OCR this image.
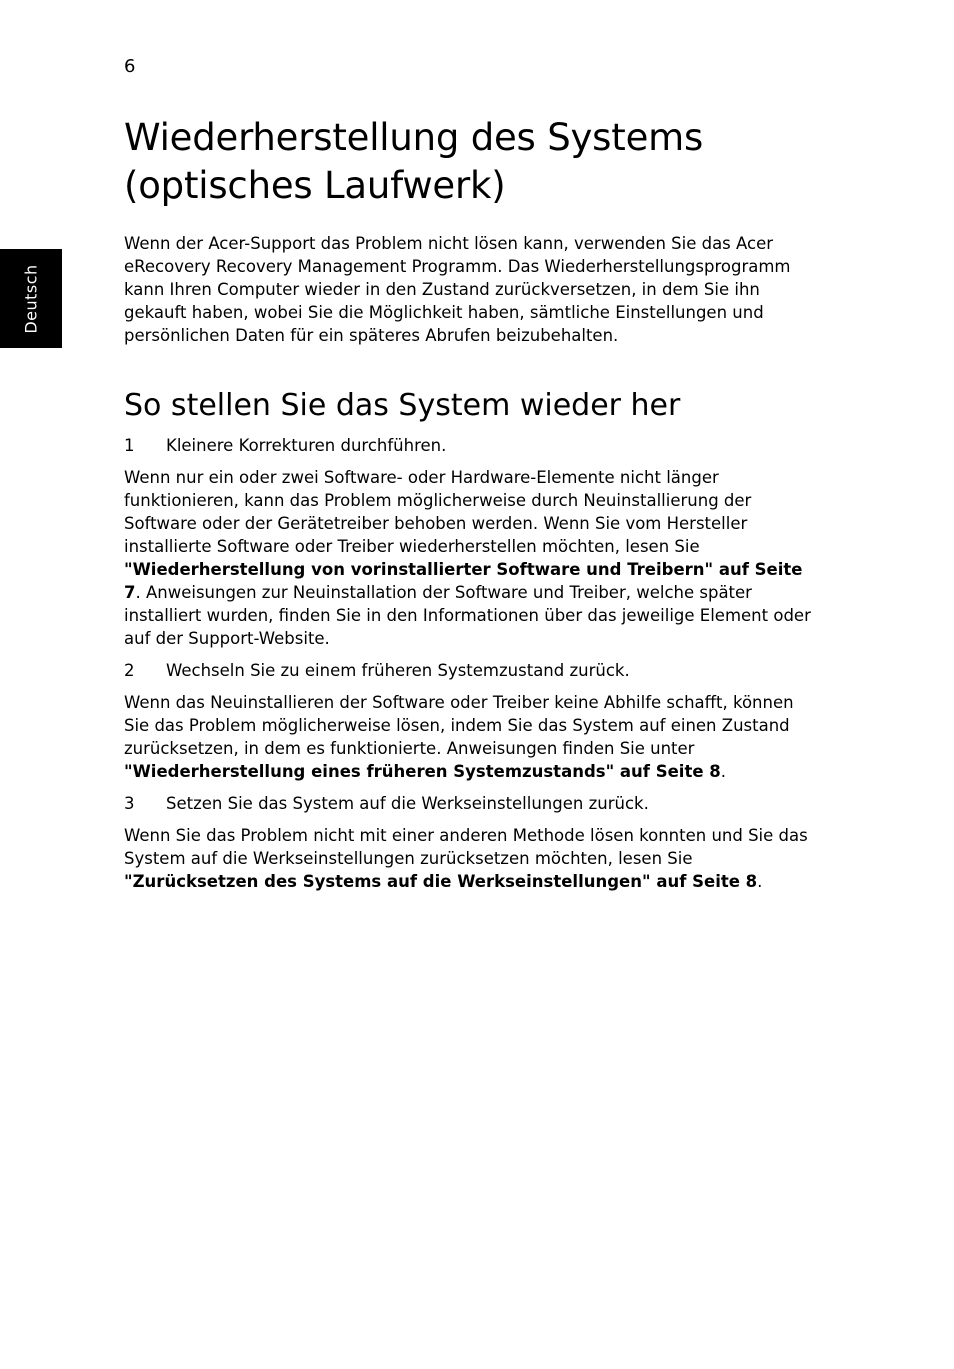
6
Deutsch
Wiederherstellung des Systems
(optisches Laufwerk)

Wenn der Acer-Support das Problem nicht lösen kann, verwenden Sie das Acer eRecovery Recovery Management Programm. Das Wiederherstellungsprogramm kann Ihren Computer wieder in den Zustand zurückversetzen, in dem Sie ihn gekauft haben, wobei Sie die Möglichkeit haben, sämtliche Einstellungen und persönlichen Daten für ein späteres Abrufen beizubehalten.

So stellen Sie das System wieder her
1	Kleinere Korrekturen durchführen.

Wenn nur ein oder zwei Software- oder Hardware-Elemente nicht länger funktionieren, kann das Problem möglicherweise durch Neuinstallierung der Software oder der Gerätetreiber behoben werden. Wenn Sie vom Hersteller installierte Software oder Treiber wiederherstellen möchten, lesen Sie "Wiederherstellung von vorinstallierter Software und Treibern" auf Seite 7. Anweisungen zur Neuinstallation der Software und Treiber, welche später installiert wurden, finden Sie in den Informationen über das jeweilige Element oder auf der Support-Website.

2	Wechseln Sie zu einem früheren Systemzustand zurück.

Wenn das Neuinstallieren der Software oder Treiber keine Abhilfe schafft, können Sie das Problem möglicherweise lösen, indem Sie das System auf einen Zustand zurücksetzen, in dem es funktionierte. Anweisungen finden Sie unter "Wiederherstellung eines früheren Systemzustands" auf Seite 8.

3	Setzen Sie das System auf die Werkseinstellungen zurück.

Wenn Sie das Problem nicht mit einer anderen Methode lösen konnten und Sie das System auf die Werkseinstellungen zurücksetzen möchten, lesen Sie "Zurücksetzen des Systems auf die Werkseinstellungen" auf Seite 8.
